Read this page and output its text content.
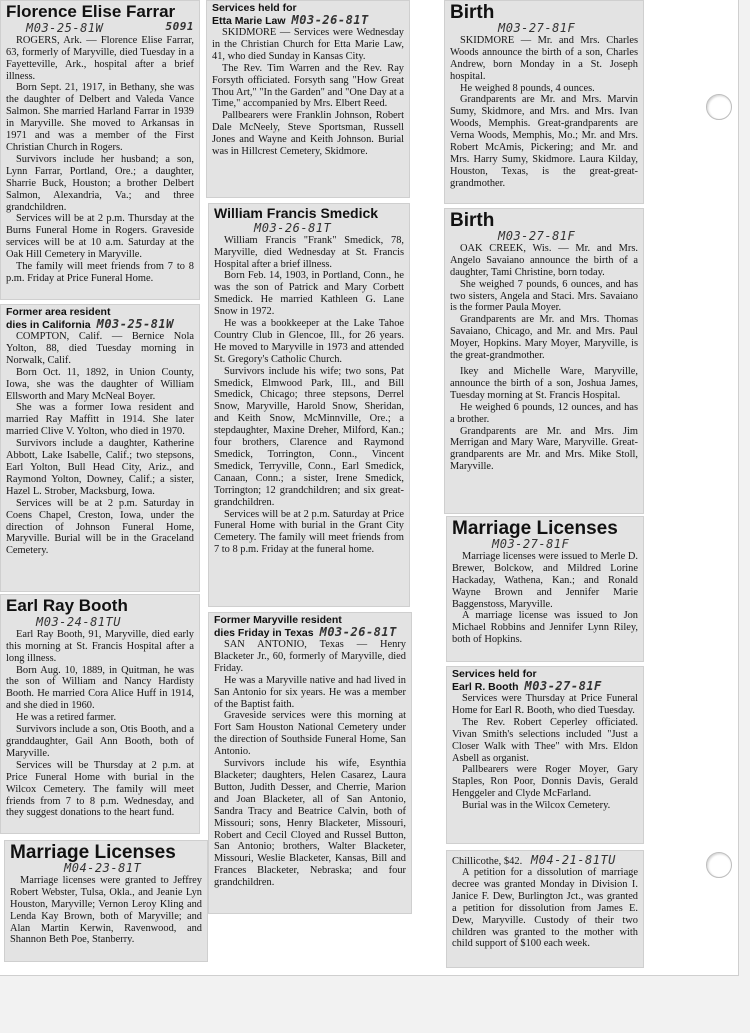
Florence Elise Farrar
5091
M03-25-81W

ROGERS, Ark. — Florence Elise Farrar, 63, formerly of Maryville, died Tuesday in a Fayetteville, Ark., hospital after a brief illness.

Born Sept. 21, 1917, in Bethany, she was the daughter of Delbert and Valeda Vance Salmon. She married Harland Farrar in 1939 in Maryville. She moved to Arkansas in 1971 and was a member of the First Christian Church in Rogers.

Survivors include her husband; a son, Lynn Farrar, Portland, Ore.; a daughter, Sharrie Buck, Houston; a brother Delbert Salmon, Alexandria, Va.; and three grandchildren.

Services will be at 2 p.m. Thursday at the Burns Funeral Home in Rogers. Graveside services will be at 10 a.m. Saturday at the Oak Hill Cemetery in Maryville.

The family will meet friends from 7 to 8 p.m. Friday at Price Funeral Home.

Former area resident
dies in California M03-25-81W

COMPTON, Calif. — Bernice Nola Yolton, 88, died Tuesday morning in Norwalk, Calif.

Born Oct. 11, 1892, in Union County, Iowa, she was the daughter of William Ellsworth and Mary McNeal Boyer.

She was a former Iowa resident and married Ray Maffitt in 1914. She later married Clive V. Yolton, who died in 1970.

Survivors include a daughter, Katherine Abbott, Lake Isabelle, Calif.; two stepsons, Earl Yolton, Bull Head City, Ariz., and Raymond Yolton, Downey, Calif.; a sister, Hazel L. Strober, Macksburg, Iowa.

Services will be at 2 p.m. Saturday in Coens Chapel, Creston, Iowa, under the direction of Johnson Funeral Home, Maryville. Burial will be in the Graceland Cemetery.

Earl Ray Booth
M03-24-81TU

Earl Ray Booth, 91, Maryville, died early this morning at St. Francis Hospital after a long illness.

Born Aug. 10, 1889, in Quitman, he was the son of William and Nancy Hardisty Booth. He married Cora Alice Huff in 1914, and she died in 1960.

He was a retired farmer.

Survivors include a son, Otis Booth, and a granddaughter, Gail Ann Booth, both of Maryville.

Services will be Thursday at 2 p.m. at Price Funeral Home with burial in the Wilcox Cemetery. The family will meet friends from 7 to 8 p.m. Wednesday, and they suggest donations to the heart fund.

Marriage Licenses
M04-23-81T

Marriage licenses were granted to Jeffrey Robert Webster, Tulsa, Okla., and Jeanie Lyn Houston, Maryville; Vernon Leroy Kling and Lenda Kay Brown, both of Maryville; and Alan Martin Kerwin, Ravenwood, and Shannon Beth Poe, Stanberry.

Services held for
Etta Marie Law M03-26-81T

SKIDMORE — Services were Wednesday in the Christian Church for Etta Marie Law, 41, who died Sunday in Kansas City.

The Rev. Tim Warren and the Rev. Ray Forsyth officiated. Forsyth sang "How Great Thou Art," "In the Garden" and "One Day at a Time," accompanied by Mrs. Elbert Reed.

Pallbearers were Franklin Johnson, Robert Dale McNeely, Steve Sportsman, Russell Jones and Wayne and Keith Johnson. Burial was in Hillcrest Cemetery, Skidmore.

William Francis Smedick
M03-26-81T

William Francis "Frank" Smedick, 78, Maryville, died Wednesday at St. Francis Hospital after a brief illness.

Born Feb. 14, 1903, in Portland, Conn., he was the son of Patrick and Mary Corbett Smedick. He married Kathleen G. Lane Snow in 1972.

He was a bookkeeper at the Lake Tahoe Country Club in Glencoe, Ill., for 26 years. He moved to Maryville in 1973 and attended St. Gregory's Catholic Church.

Survivors include his wife; two sons, Pat Smedick, Elmwood Park, Ill., and Bill Smedick, Chicago; three stepsons, Derrel Snow, Maryville, Harold Snow, Sheridan, and Keith Snow, McMinnville, Ore.; a stepdaughter, Maxine Dreher, Milford, Kan.; four brothers, Clarence and Raymond Smedick, Torrington, Conn., Vincent Smedick, Terryville, Conn., Earl Smedick, Canaan, Conn.; a sister, Irene Smedick, Torrington; 12 grandchildren; and six great-grandchildren.

Services will be at 2 p.m. Saturday at Price Funeral Home with burial in the Grant City Cemetery. The family will meet friends from 7 to 8 p.m. Friday at the funeral home.

Former Maryville resident
dies Friday in Texas M03-26-81T

SAN ANTONIO, Texas — Henry Blacketer Jr., 60, formerly of Maryville, died Friday.

He was a Maryville native and had lived in San Antonio for six years. He was a member of the Baptist faith.

Graveside services were this morning at Fort Sam Houston National Cemetery under the direction of Southside Funeral Home, San Antonio.

Survivors include his wife, Esynthia Blacketer; daughters, Helen Casarez, Laura Button, Judith Desser, and Cherrie, Marion and Joan Blacketer, all of San Antonio, Sandra Tracy and Beatrice Calvin, both of Missouri; sons, Henry Blacketer, Missouri, Robert and Cecil Cloyed and Russel Button, San Antonio; brothers, Walter Blacketer, Missouri, Weslie Blacketer, Kansas, Bill and Frances Blacketer, Nebraska; and four grandchildren.

Birth
M03-27-81F

SKIDMORE — Mr. and Mrs. Charles Woods announce the birth of a son, Charles Andrew, born Monday in a St. Joseph hospital.

He weighed 8 pounds, 4 ounces.

Grandparents are Mr. and Mrs. Marvin Sumy, Skidmore, and Mrs. and Mrs. Ivan Woods, Memphis. Great-grandparents are Verna Woods, Memphis, Mo.; Mr. and Mrs. Robert McAmis, Pickering; and Mr. and Mrs. Harry Sumy, Skidmore. Laura Kilday, Houston, Texas, is the great-great-grandmother.

Birth
M03-27-81F

OAK CREEK, Wis. — Mr. and Mrs. Angelo Savaiano announce the birth of a daughter, Tami Christine, born today.

She weighed 7 pounds, 6 ounces, and has two sisters, Angela and Staci. Mrs. Savaiano is the former Paula Moyer.

Grandparents are Mr. and Mrs. Thomas Savaiano, Chicago, and Mr. and Mrs. Paul Moyer, Hopkins. Mary Moyer, Maryville, is the great-grandmother.

Ikey and Michelle Ware, Maryville, announce the birth of a son, Joshua James, Tuesday morning at St. Francis Hospital.

He weighed 6 pounds, 12 ounces, and has a brother.

Grandparents are Mr. and Mrs. Jim Merrigan and Mary Ware, Maryville. Great-grandparents are Mr. and Mrs. Mike Stoll, Maryville.

Marriage Licenses
M03-27-81F

Marriage licenses were issued to Merle D. Brewer, Bolckow, and Mildred Lorine Hackaday, Wathena, Kan.; and Ronald Wayne Brown and Jennifer Marie Baggenstoss, Maryville.

A marriage license was issued to Jon Michael Robbins and Jennifer Lynn Riley, both of Hopkins.

Services held for
Earl R. Booth M03-27-81F

Services were Thursday at Price Funeral Home for Earl R. Booth, who died Tuesday.

The Rev. Robert Ceperley officiated. Vivan Smith's selections included "Just a Closer Walk with Thee" with Mrs. Eldon Asbell as organist.

Pallbearers were Roger Moyer, Gary Staples, Ron Poor, Donnis Davis, Gerald Henggeler and Clyde McFarland.

Burial was in the Wilcox Cemetery.

Chillicothe, $42. M04-21-81TU

A petition for a dissolution of marriage decree was granted Monday in Division I. Janice F. Dew, Burlington Jct., was granted a petition for dissolution from James E. Dew, Maryville. Custody of their two children was granted to the mother with child support of $100 each week.
